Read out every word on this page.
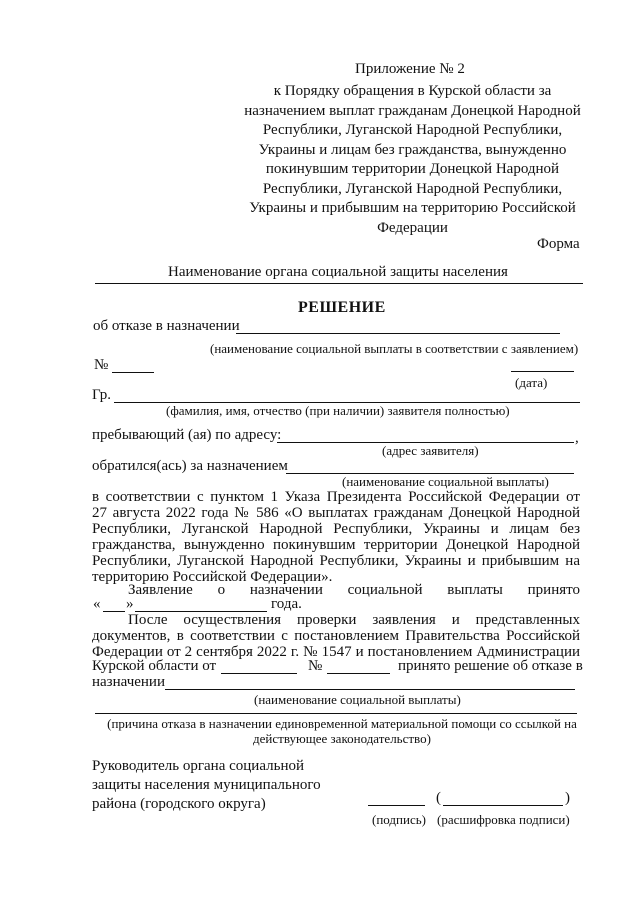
Приложение № 2
к Порядку обращения в Курской области за
назначением выплат гражданам Донецкой Народной
Республики, Луганской Народной Республики,
Украины и лицам без гражданства, вынужденно
покинувшим территории Донецкой Народной
Республики, Луганской Народной Республики,
Украины и прибывшим на территорию Российской
Федерации
Форма
Наименование органа социальной защиты населения
РЕШЕНИЕ
об отказе в назначении
(наименование социальной выплаты в соответствии с заявлением)
№
(дата)
Гр.
(фамилия, имя, отчество (при наличии) заявителя полностью)
пребывающий (ая) по адресу:	,
(адрес заявителя)
обратился(ась) за назначением
(наименование социальной выплаты)
в соответствии с пунктом 1 Указа Президента Российской Федерации от
27 августа 2022 года № 586 «О выплатах гражданам Донецкой Народной
Республики, Луганской Народной Республики, Украины и лицам без
гражданства, вынужденно покинувшим территории Донецкой Народной
Республики, Луганской Народной Республики, Украины и прибывшим на
территорию Российской Федерации».
Заявление о назначении социальной выплаты принято
« »	года.
После осуществления проверки заявления и представленных
документов, в соответствии с постановлением Правительства Российской
Федерации от 2 сентября 2022 г. № 1547 и постановлением Администрации
Курской области от	№	принято решение об отказе в
назначении
(наименование социальной выплаты)
(причина отказа в назначении единовременной материальной помощи со ссылкой на
действующее законодательство)
Руководитель органа социальной
защиты населения муниципального
района (городского округа)	(	)
(подпись) (расшифровка подписи)
